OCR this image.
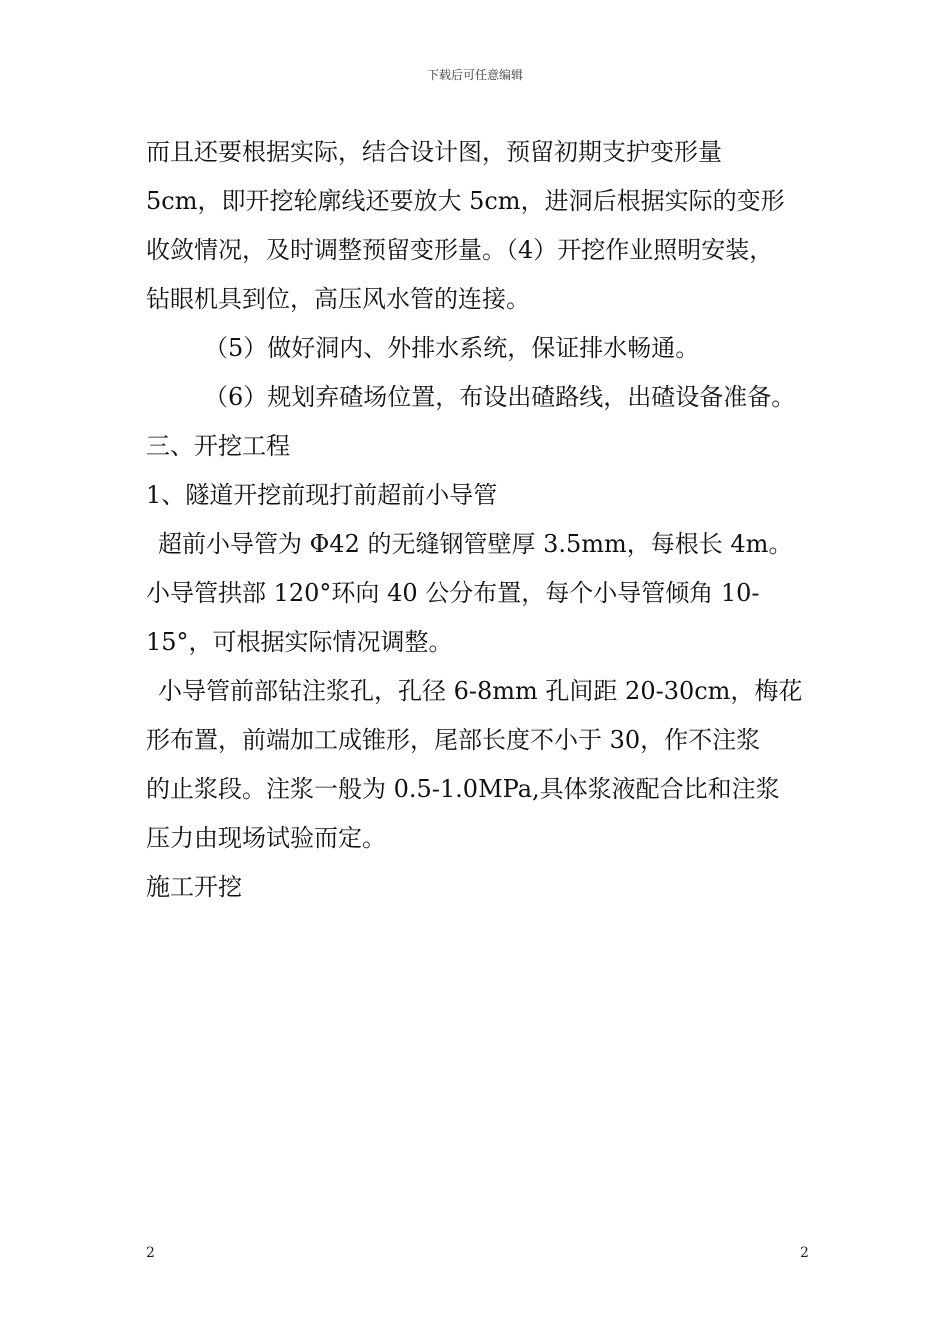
下载后可任意编辑
而且还要根据实际，结合设计图，预留初期支护变形量
5cm，即开挖轮廓线还要放大 5cm，进洞后根据实际的变形
收敛情况，及时调整预留变形量。（4）开挖作业照明安装，
钻眼机具到位，高压风水管的连接。
（5）做好洞内、外排水系统，保证排水畅通。
（6）规划弃碴场位置，布设出碴路线，出碴设备准备。
三、开挖工程
1、隧道开挖前现打前超前小导管
超前小导管为 Φ42 的无缝钢管壁厚 3.5mm，每根长 4m。
小导管拱部 120°环向 40 公分布置，每个小导管倾角 10-
15°，可根据实际情况调整。
小导管前部钻注浆孔，孔径 6-8mm 孔间距 20-30cm，梅花
形布置，前端加工成锥形，尾部长度不小于 30，作不注浆
的止浆段。注浆一般为 0.5-1.0MPa,具体浆液配合比和注浆
压力由现场试验而定。
施工开挖
2	2
